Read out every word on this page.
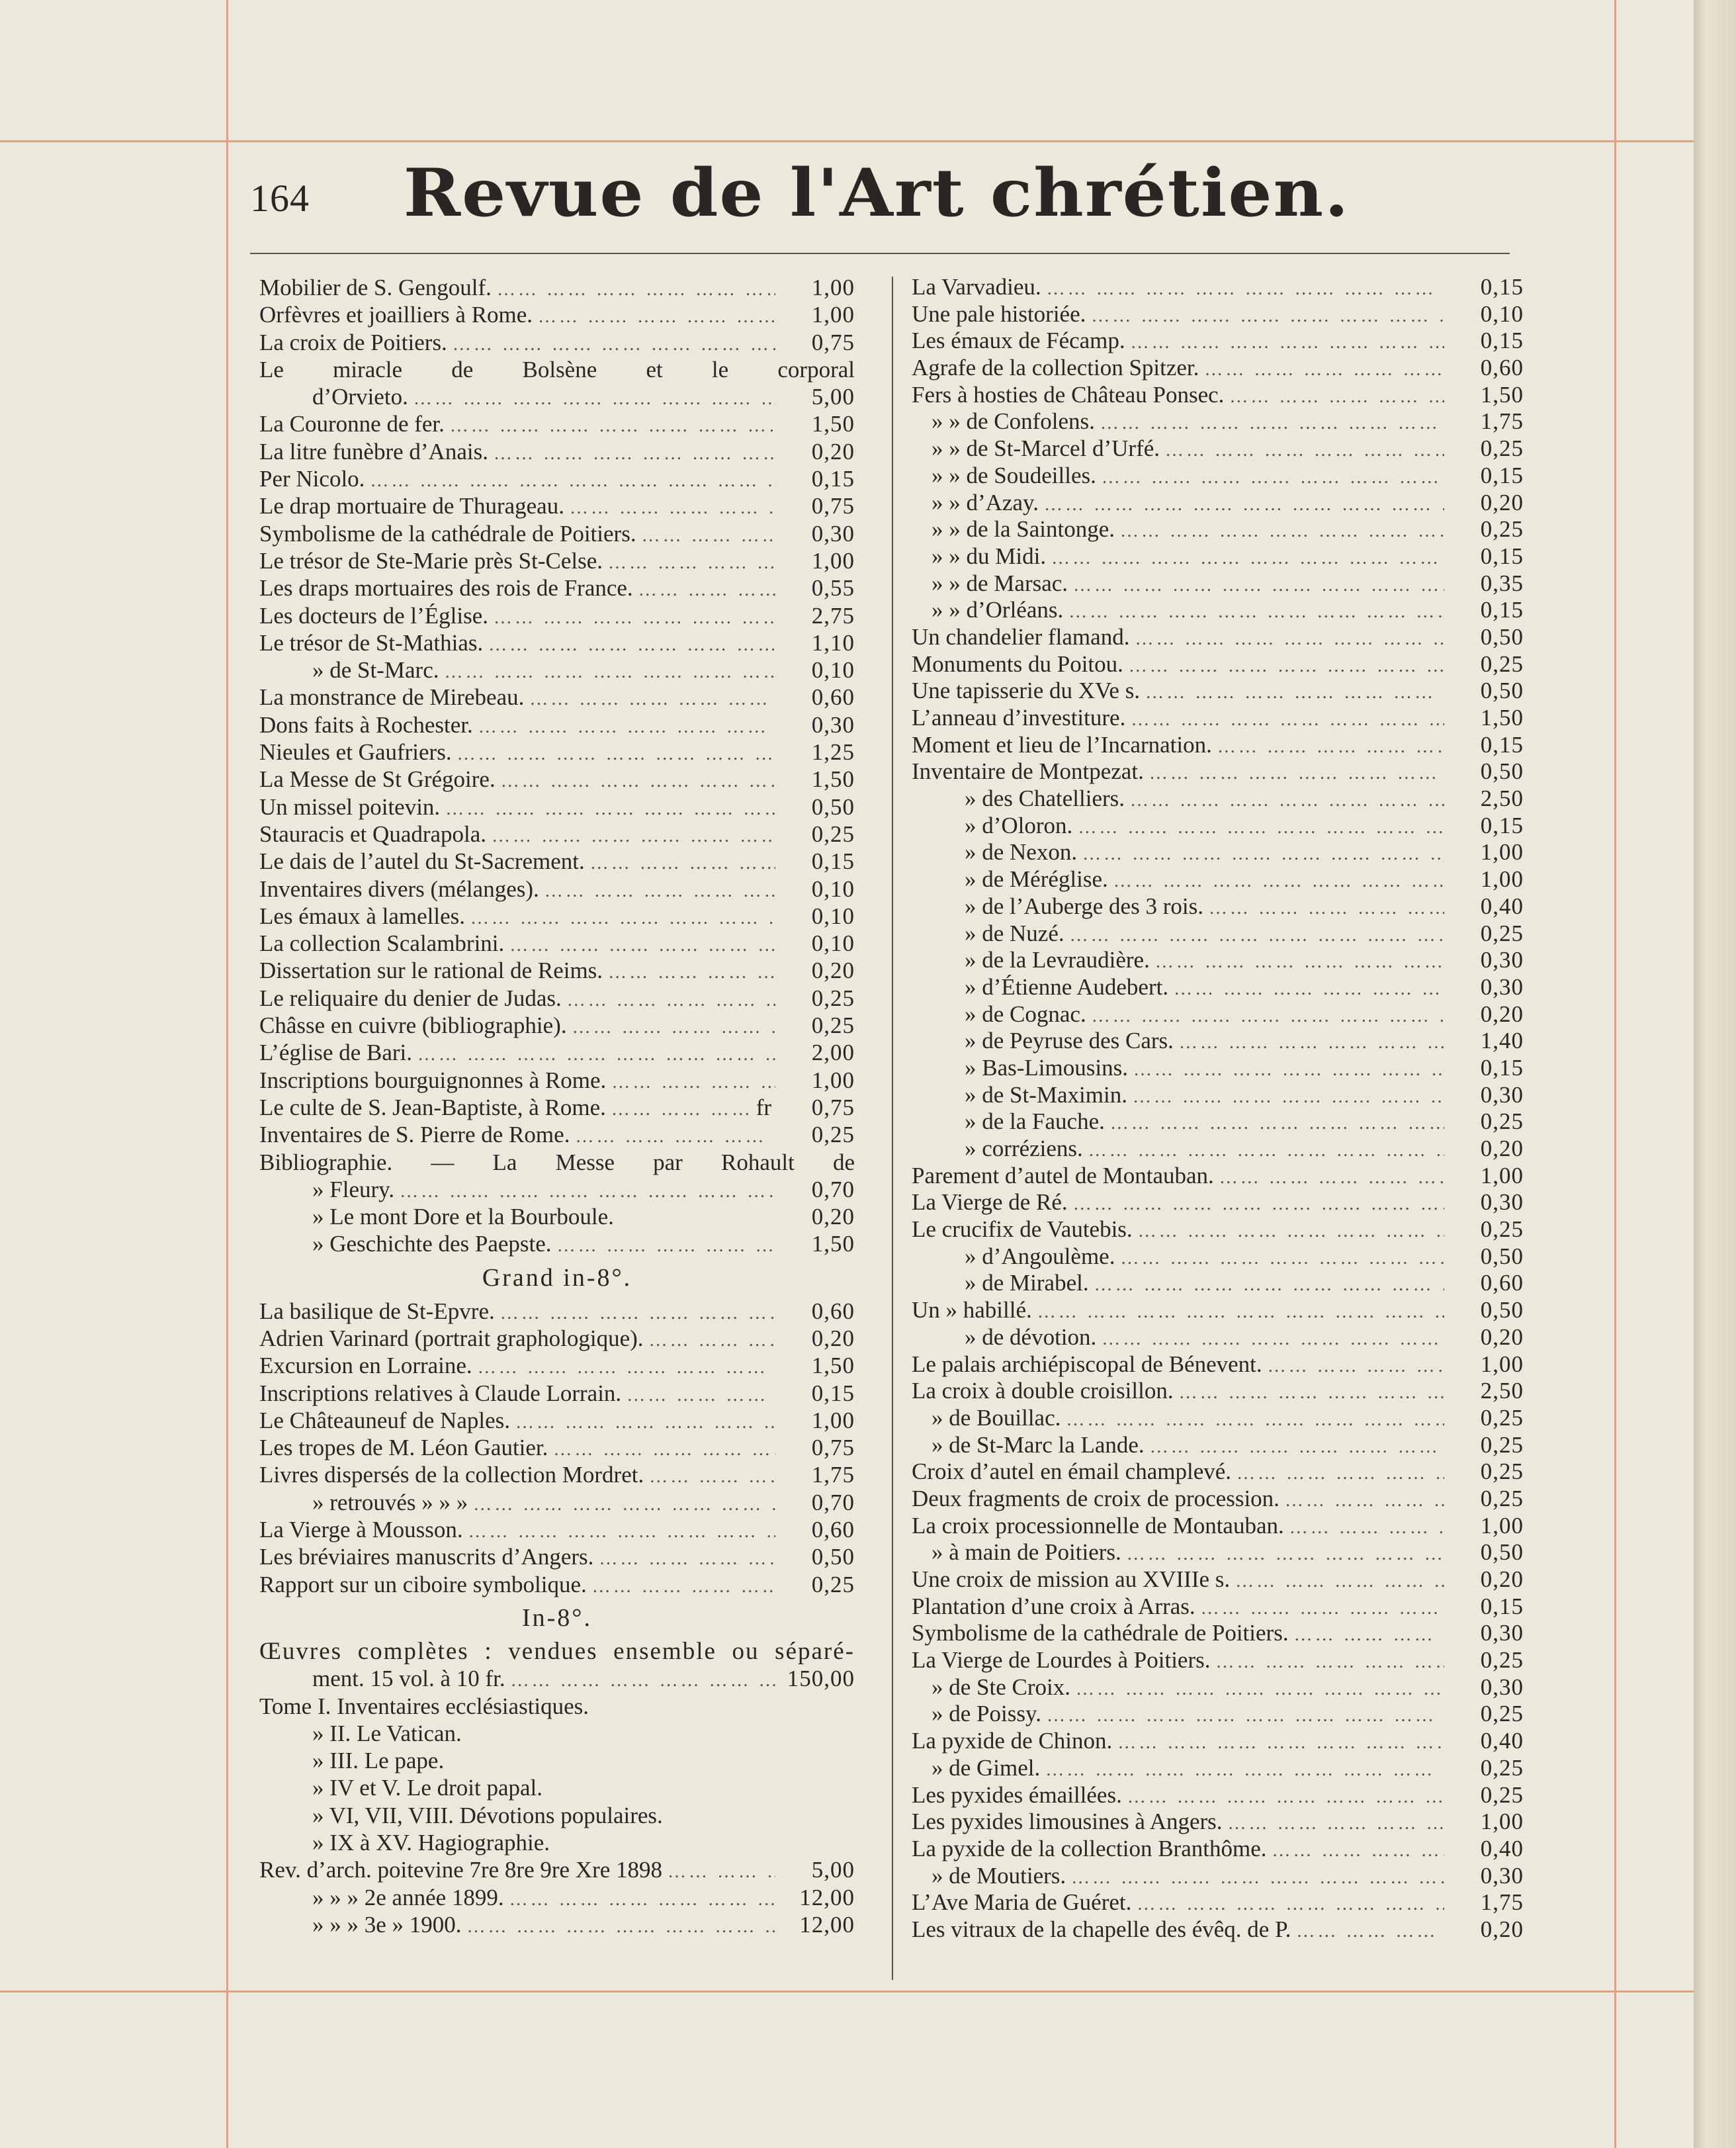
164 Revue de l'Art chrétien.
Mobilier de S. Gengoulf. …… …… …… …… …… …… …… …… …… …… …… …… …… …… …… ……	1,00
Orfèvres et joailliers à Rome. …… …… …… …… …… …… …… …… …… …… …… …… …… …… …… ……	1,00
La croix de Poitiers. …… …… …… …… …… …… …… …… …… …… …… …… …… …… …… ……	0,75
Le miracle de Bolsène et le corporal
d’Orvieto. …… …… …… …… …… …… …… …… …… …… …… …… …… …… …… ……	5,00
La Couronne de fer. …… …… …… …… …… …… …… …… …… …… …… …… …… …… …… ……	1,50
La litre funèbre d’Anais. …… …… …… …… …… …… …… …… …… …… …… …… …… …… …… ……	0,20
Per Nicolo. …… …… …… …… …… …… …… …… …… …… …… …… …… …… …… ……	0,15
Le drap mortuaire de Thurageau. …… …… …… …… …… …… …… …… …… …… …… …… …… …… …… ……	0,75
Symbolisme de la cathédrale de Poitiers. …… …… …… …… …… …… …… …… …… …… …… …… …… …… …… ……	0,30
Le trésor de Ste-Marie près St-Celse. …… …… …… …… …… …… …… …… …… …… …… …… …… …… …… ……	1,00
Les draps mortuaires des rois de France. …… …… …… …… …… …… …… …… …… …… …… …… …… …… …… ……	0,55
Les docteurs de l’Église. …… …… …… …… …… …… …… …… …… …… …… …… …… …… …… ……	2,75
Le trésor de St-Mathias. …… …… …… …… …… …… …… …… …… …… …… …… …… …… …… ……	1,10
» de St-Marc. …… …… …… …… …… …… …… …… …… …… …… …… …… …… …… ……	0,10
La monstrance de Mirebeau. …… …… …… …… …… …… …… …… …… …… …… …… …… …… …… ……	0,60
Dons faits à Rochester. …… …… …… …… …… …… …… …… …… …… …… …… …… …… …… ……	0,30
Nieules et Gaufriers. …… …… …… …… …… …… …… …… …… …… …… …… …… …… …… ……	1,25
La Messe de St Grégoire. …… …… …… …… …… …… …… …… …… …… …… …… …… …… …… ……	1,50
Un missel poitevin. …… …… …… …… …… …… …… …… …… …… …… …… …… …… …… ……	0,50
Stauracis et Quadrapola. …… …… …… …… …… …… …… …… …… …… …… …… …… …… …… ……	0,25
Le dais de l’autel du St-Sacrement. …… …… …… …… …… …… …… …… …… …… …… …… …… …… …… ……	0,15
Inventaires divers (mélanges). …… …… …… …… …… …… …… …… …… …… …… …… …… …… …… ……	0,10
Les émaux à lamelles. …… …… …… …… …… …… …… …… …… …… …… …… …… …… …… ……	0,10
La collection Scalambrini. …… …… …… …… …… …… …… …… …… …… …… …… …… …… …… ……	0,10
Dissertation sur le rational de Reims. …… …… …… …… …… …… …… …… …… …… …… …… …… …… …… ……	0,20
Le reliquaire du denier de Judas. …… …… …… …… …… …… …… …… …… …… …… …… …… …… …… ……	0,25
Châsse en cuivre (bibliographie). …… …… …… …… …… …… …… …… …… …… …… …… …… …… …… ……	0,25
L’église de Bari. …… …… …… …… …… …… …… …… …… …… …… …… …… …… …… ……	2,00
Inscriptions bourguignonnes à Rome. …… …… …… …… …… …… …… …… …… …… …… …… …… …… …… ……	1,00
Le culte de S. Jean-Baptiste, à Rome. …… …… …… …… …… …… …… …… …… …… …… …… …… …… …… ……	fr	0,75
Inventaires de S. Pierre de Rome. …… …… …… …… …… …… …… …… …… …… …… …… …… …… …… ……	0,25
Bibliographie. — La Messe par Rohault de
» Fleury. …… …… …… …… …… …… …… …… …… …… …… …… …… …… …… ……	0,70
» Le mont Dore et la Bourboule.	0,20
» Geschichte des Paepste. …… …… …… …… …… …… …… …… …… …… …… …… …… …… …… ……	1,50
Grand in-8°.
La basilique de St-Epvre. …… …… …… …… …… …… …… …… …… …… …… …… …… …… …… ……	0,60
Adrien Varinard (portrait graphologique). …… …… …… …… …… …… …… …… …… …… …… …… …… …… …… ……	0,20
Excursion en Lorraine. …… …… …… …… …… …… …… …… …… …… …… …… …… …… …… ……	1,50
Inscriptions relatives à Claude Lorrain. …… …… …… …… …… …… …… …… …… …… …… …… …… …… …… ……	0,15
Le Châteauneuf de Naples. …… …… …… …… …… …… …… …… …… …… …… …… …… …… …… ……	1,00
Les tropes de M. Léon Gautier. …… …… …… …… …… …… …… …… …… …… …… …… …… …… …… ……	0,75
Livres dispersés de la collection Mordret. …… …… …… …… …… …… …… …… …… …… …… …… …… …… …… ……	1,75
» retrouvés » » » …… …… …… …… …… …… …… …… …… …… …… …… …… …… …… ……	0,70
La Vierge à Mousson. …… …… …… …… …… …… …… …… …… …… …… …… …… …… …… ……	0,60
Les bréviaires manuscrits d’Angers. …… …… …… …… …… …… …… …… …… …… …… …… …… …… …… ……	0,50
Rapport sur un ciboire symbolique. …… …… …… …… …… …… …… …… …… …… …… …… …… …… …… ……	0,25
In-8°.
Œuvres complètes : vendues ensemble ou séparé-
ment. 15 vol. à 10 fr. …… …… …… …… …… …… …… …… …… …… …… …… …… …… …… ……	150,00
Tome I. Inventaires ecclésiastiques.
» II. Le Vatican.
» III. Le pape.
» IV et V. Le droit papal.
» VI, VII, VIII. Dévotions populaires.
» IX à XV. Hagiographie.
Rev. d’arch. poitevine 7re 8re 9re Xre 1898 …… …… …… …… …… …… …… …… …… …… …… …… …… …… …… ……	5,00
» » » 2e année 1899. …… …… …… …… …… …… …… …… …… …… …… …… …… …… …… ……	12,00
» » » 3e » 1900. …… …… …… …… …… …… …… …… …… …… …… …… …… …… …… ……	12,00
La Varvadieu. …… …… …… …… …… …… …… …… …… …… …… …… …… …… …… ……	0,15
Une pale historiée. …… …… …… …… …… …… …… …… …… …… …… …… …… …… …… ……	0,10
Les émaux de Fécamp. …… …… …… …… …… …… …… …… …… …… …… …… …… …… …… ……	0,15
Agrafe de la collection Spitzer. …… …… …… …… …… …… …… …… …… …… …… …… …… …… …… ……	0,60
Fers à hosties de Château Ponsec. …… …… …… …… …… …… …… …… …… …… …… …… …… …… …… ……	1,50
» » de Confolens. …… …… …… …… …… …… …… …… …… …… …… …… …… …… …… ……	1,75
» » de St-Marcel d’Urfé. …… …… …… …… …… …… …… …… …… …… …… …… …… …… …… ……	0,25
» » de Soudeilles. …… …… …… …… …… …… …… …… …… …… …… …… …… …… …… ……	0,15
» » d’Azay. …… …… …… …… …… …… …… …… …… …… …… …… …… …… …… ……	0,20
» » de la Saintonge. …… …… …… …… …… …… …… …… …… …… …… …… …… …… …… ……	0,25
» » du Midi. …… …… …… …… …… …… …… …… …… …… …… …… …… …… …… ……	0,15
» » de Marsac. …… …… …… …… …… …… …… …… …… …… …… …… …… …… …… ……	0,35
» » d’Orléans. …… …… …… …… …… …… …… …… …… …… …… …… …… …… …… ……	0,15
Un chandelier flamand. …… …… …… …… …… …… …… …… …… …… …… …… …… …… …… ……	0,50
Monuments du Poitou. …… …… …… …… …… …… …… …… …… …… …… …… …… …… …… ……	0,25
Une tapisserie du XVe s. …… …… …… …… …… …… …… …… …… …… …… …… …… …… …… ……	0,50
L’anneau d’investiture. …… …… …… …… …… …… …… …… …… …… …… …… …… …… …… ……	1,50
Moment et lieu de l’Incarnation. …… …… …… …… …… …… …… …… …… …… …… …… …… …… …… ……	0,15
Inventaire de Montpezat. …… …… …… …… …… …… …… …… …… …… …… …… …… …… …… ……	0,50
» des Chatelliers. …… …… …… …… …… …… …… …… …… …… …… …… …… …… …… ……	2,50
» d’Oloron. …… …… …… …… …… …… …… …… …… …… …… …… …… …… …… ……	0,15
» de Nexon. …… …… …… …… …… …… …… …… …… …… …… …… …… …… …… ……	1,00
» de Méréglise. …… …… …… …… …… …… …… …… …… …… …… …… …… …… …… ……	1,00
» de l’Auberge des 3 rois. …… …… …… …… …… …… …… …… …… …… …… …… …… …… …… ……	0,40
» de Nuzé. …… …… …… …… …… …… …… …… …… …… …… …… …… …… …… ……	0,25
» de la Levraudière. …… …… …… …… …… …… …… …… …… …… …… …… …… …… …… ……	0,30
» d’Étienne Audebert. …… …… …… …… …… …… …… …… …… …… …… …… …… …… …… ……	0,30
» de Cognac. …… …… …… …… …… …… …… …… …… …… …… …… …… …… …… ……	0,20
» de Peyruse des Cars. …… …… …… …… …… …… …… …… …… …… …… …… …… …… …… ……	1,40
» Bas-Limousins. …… …… …… …… …… …… …… …… …… …… …… …… …… …… …… ……	0,15
» de St-Maximin. …… …… …… …… …… …… …… …… …… …… …… …… …… …… …… ……	0,30
» de la Fauche. …… …… …… …… …… …… …… …… …… …… …… …… …… …… …… ……	0,25
» corréziens. …… …… …… …… …… …… …… …… …… …… …… …… …… …… …… ……	0,20
Parement d’autel de Montauban. …… …… …… …… …… …… …… …… …… …… …… …… …… …… …… ……	1,00
La Vierge de Ré. …… …… …… …… …… …… …… …… …… …… …… …… …… …… …… ……	0,30
Le crucifix de Vautebis. …… …… …… …… …… …… …… …… …… …… …… …… …… …… …… ……	0,25
» d’Angoulème. …… …… …… …… …… …… …… …… …… …… …… …… …… …… …… ……	0,50
» de Mirabel. …… …… …… …… …… …… …… …… …… …… …… …… …… …… …… ……	0,60
Un » habillé. …… …… …… …… …… …… …… …… …… …… …… …… …… …… …… ……	0,50
» de dévotion. …… …… …… …… …… …… …… …… …… …… …… …… …… …… …… ……	0,20
Le palais archiépiscopal de Bénevent. …… …… …… …… …… …… …… …… …… …… …… …… …… …… …… ……	1,00
La croix à double croisillon. …… …… …… …… …… …… …… …… …… …… …… …… …… …… …… ……	2,50
» de Bouillac. …… …… …… …… …… …… …… …… …… …… …… …… …… …… …… ……	0,25
» de St-Marc la Lande. …… …… …… …… …… …… …… …… …… …… …… …… …… …… …… ……	0,25
Croix d’autel en émail champlevé. …… …… …… …… …… …… …… …… …… …… …… …… …… …… …… ……	0,25
Deux fragments de croix de procession. …… …… …… …… …… …… …… …… …… …… …… …… …… …… …… ……	0,25
La croix processionnelle de Montauban. …… …… …… …… …… …… …… …… …… …… …… …… …… …… …… ……	1,00
» à main de Poitiers. …… …… …… …… …… …… …… …… …… …… …… …… …… …… …… ……	0,50
Une croix de mission au XVIIIe s. …… …… …… …… …… …… …… …… …… …… …… …… …… …… …… ……	0,20
Plantation d’une croix à Arras. …… …… …… …… …… …… …… …… …… …… …… …… …… …… …… ……	0,15
Symbolisme de la cathédrale de Poitiers. …… …… …… …… …… …… …… …… …… …… …… …… …… …… …… ……	0,30
La Vierge de Lourdes à Poitiers. …… …… …… …… …… …… …… …… …… …… …… …… …… …… …… ……	0,25
» de Ste Croix. …… …… …… …… …… …… …… …… …… …… …… …… …… …… …… ……	0,30
» de Poissy. …… …… …… …… …… …… …… …… …… …… …… …… …… …… …… ……	0,25
La pyxide de Chinon. …… …… …… …… …… …… …… …… …… …… …… …… …… …… …… ……	0,40
» de Gimel. …… …… …… …… …… …… …… …… …… …… …… …… …… …… …… ……	0,25
Les pyxides émaillées. …… …… …… …… …… …… …… …… …… …… …… …… …… …… …… ……	0,25
Les pyxides limousines à Angers. …… …… …… …… …… …… …… …… …… …… …… …… …… …… …… ……	1,00
La pyxide de la collection Branthôme. …… …… …… …… …… …… …… …… …… …… …… …… …… …… …… ……	0,40
» de Moutiers. …… …… …… …… …… …… …… …… …… …… …… …… …… …… …… ……	0,30
L’Ave Maria de Guéret. …… …… …… …… …… …… …… …… …… …… …… …… …… …… …… ……	1,75
Les vitraux de la chapelle des évêq. de P. …… …… …… …… …… …… …… …… …… …… …… …… …… …… …… ……	0,20
